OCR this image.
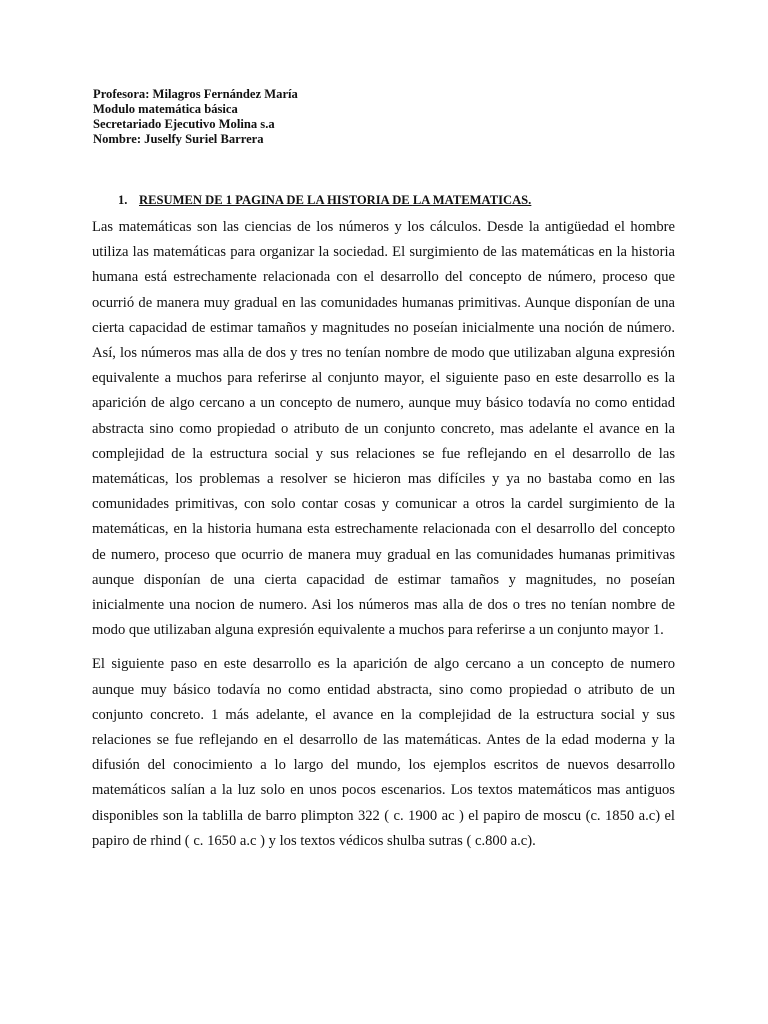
Profesora: Milagros Fernández María
Modulo matemática básica
Secretariado Ejecutivo Molina s.a
Nombre: Juselfy Suriel Barrera
1. RESUMEN DE 1 PAGINA DE LA HISTORIA DE LA MATEMATICAS.

Las matemáticas son las ciencias de los números y los cálculos. Desde la antigüedad el hombre utiliza las matemáticas para organizar la sociedad. El surgimiento de las matemáticas en la historia humana está estrechamente relacionada con el desarrollo del concepto de número, proceso que ocurrió de manera muy gradual en las comunidades humanas primitivas. Aunque disponían de una cierta capacidad de estimar tamaños y magnitudes no poseían inicialmente una noción de número. Así, los números mas alla de dos y tres no tenían nombre de modo que utilizaban alguna expresión equivalente a muchos para referirse al conjunto mayor, el siguiente paso en este desarrollo es la aparición de algo cercano a un concepto de numero, aunque muy básico todavía no como entidad abstracta sino como propiedad o atributo de un conjunto concreto, mas adelante el avance en la complejidad de la estructura social y sus relaciones se fue reflejando en el desarrollo de las matemáticas, los problemas a resolver se hicieron mas difíciles y ya no bastaba como en las comunidades primitivas, con solo contar cosas y comunicar a otros la cardel surgimiento de la matemáticas, en la historia humana esta estrechamente relacionada con el desarrollo del concepto de numero, proceso que ocurrio de manera muy gradual en las comunidades humanas primitivas aunque disponían de una cierta capacidad de estimar tamaños y magnitudes, no poseían inicialmente una nocion de numero. Asi los números mas alla de dos o tres no tenían nombre de modo que utilizaban alguna expresión equivalente a muchos para referirse a un conjunto mayor 1.

El siguiente paso en este desarrollo es la aparición de algo cercano a un concepto de numero aunque muy básico todavía no como entidad abstracta, sino como propiedad o atributo de un conjunto concreto. 1 más adelante, el avance en la complejidad de la estructura social y sus relaciones se fue reflejando en el desarrollo de las matemáticas. Antes de la edad moderna y la difusión del conocimiento a lo largo del mundo, los ejemplos escritos de nuevos desarrollo matemáticos salían a la luz solo en unos pocos escenarios. Los textos matemáticos mas antiguos disponibles son la tablilla de barro plimpton 322 ( c. 1900 ac ) el papiro de moscu (c. 1850 a.c) el papiro de rhind ( c. 1650 a.c ) y los textos védicos shulba sutras ( c.800 a.c).
